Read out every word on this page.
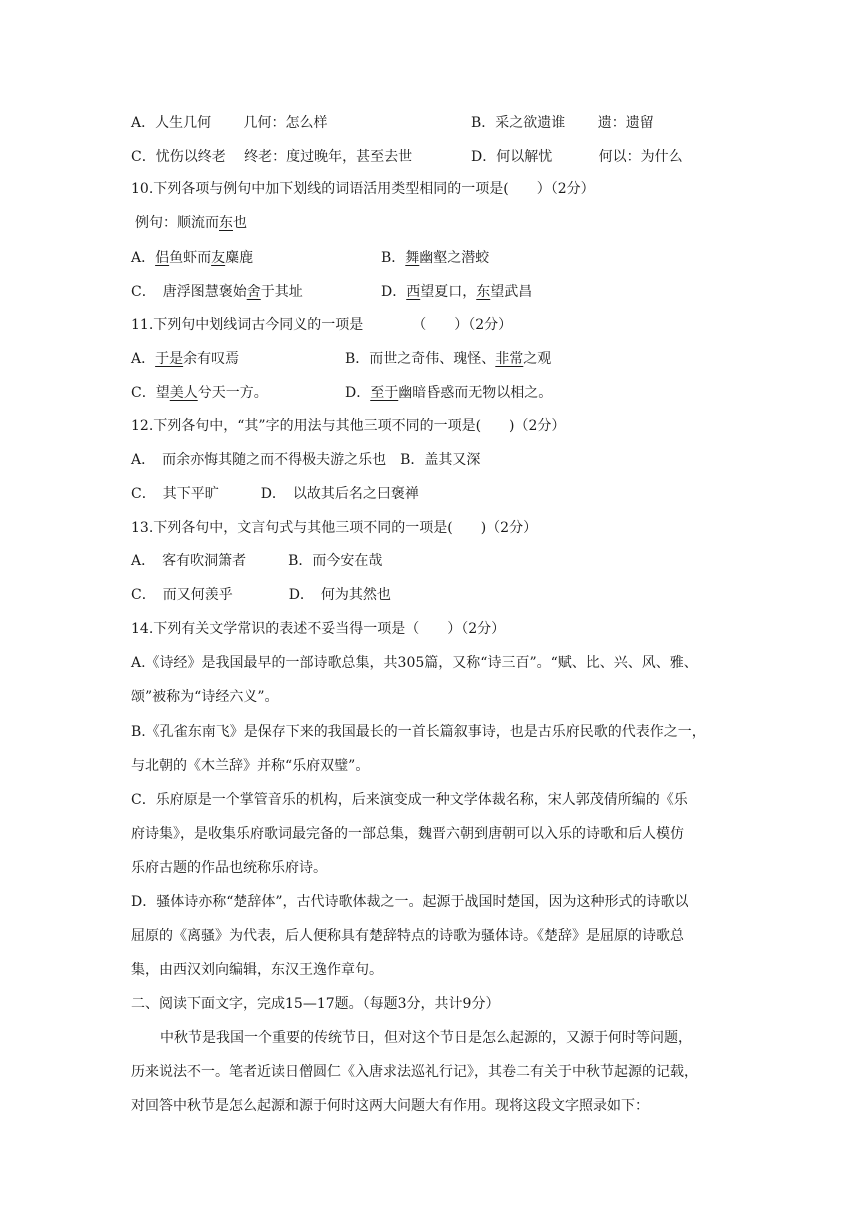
A．人生几何　　 几何：怎么样	B．采之欲遗谁　　 遗：遗留
C．忧伤以终老　 终老：度过晚年，甚至去世	D．何以解忧　　　 何以：为什么
10.下列各项与例句中加下划线的词语活用类型相同的一项是(　　）（2分）
例句：顺流而东也
A．侣鱼虾而友麋鹿	B．舞幽壑之潜蛟
C．　唐浮图慧褒始舍于其址	D．西望夏口，东望武昌
11.下列句中划线词古今同义的一项是　　　　（　　）（2分）
A．于是余有叹焉	B．而世之奇伟、瑰怪、非常之观
C．望美人兮天一方。	D．至于幽暗昏惑而无物以相之。
12.下列各句中，“其”字的用法与其他三项不同的一项是(　　)（2分）
A．　而余亦悔其随之而不得极夫游之乐也　B．盖其又深
C．　其下平旷　　　D．　以故其后名之曰褒禅
13.下列各句中，文言句式与其他三项不同的一项是(　　)（2分）
A．　客有吹洞箫者　　　B．而今安在哉
C．　而又何羡乎　　　　D．　何为其然也
14.下列有关文学常识的表述不妥当得一项是（　　）（2分）
A.《诗经》是我国最早的一部诗歌总集，共305篇，又称“诗三百”。“赋、比、兴、风、雅、
颂”被称为“诗经六义”。
B.《孔雀东南飞》是保存下来的我国最长的一首长篇叙事诗，也是古乐府民歌的代表作之一，
与北朝的《木兰辞》并称“乐府双璧”。
C．乐府原是一个掌管音乐的机构，后来演变成一种文学体裁名称，宋人郭茂倩所编的《乐
府诗集》，是收集乐府歌词最完备的一部总集，魏晋六朝到唐朝可以入乐的诗歌和后人模仿
乐府古题的作品也统称乐府诗。
D．骚体诗亦称“楚辞体”，古代诗歌体裁之一。起源于战国时楚国，因为这种形式的诗歌以
屈原的《离骚》为代表，后人便称具有楚辞特点的诗歌为骚体诗。《楚辞》是屈原的诗歌总
集，由西汉刘向编辑，东汉王逸作章句。
二、阅读下面文字，完成15—17题。（每题3分，共计9分）
中秋节是我国一个重要的传统节日，但对这个节日是怎么起源的，又源于何时等问题，
历来说法不一。笔者近读日僧圆仁《入唐求法巡礼行记》，其卷二有关于中秋节起源的记载，
对回答中秋节是怎么起源和源于何时这两大问题大有作用。现将这段文字照录如下：
